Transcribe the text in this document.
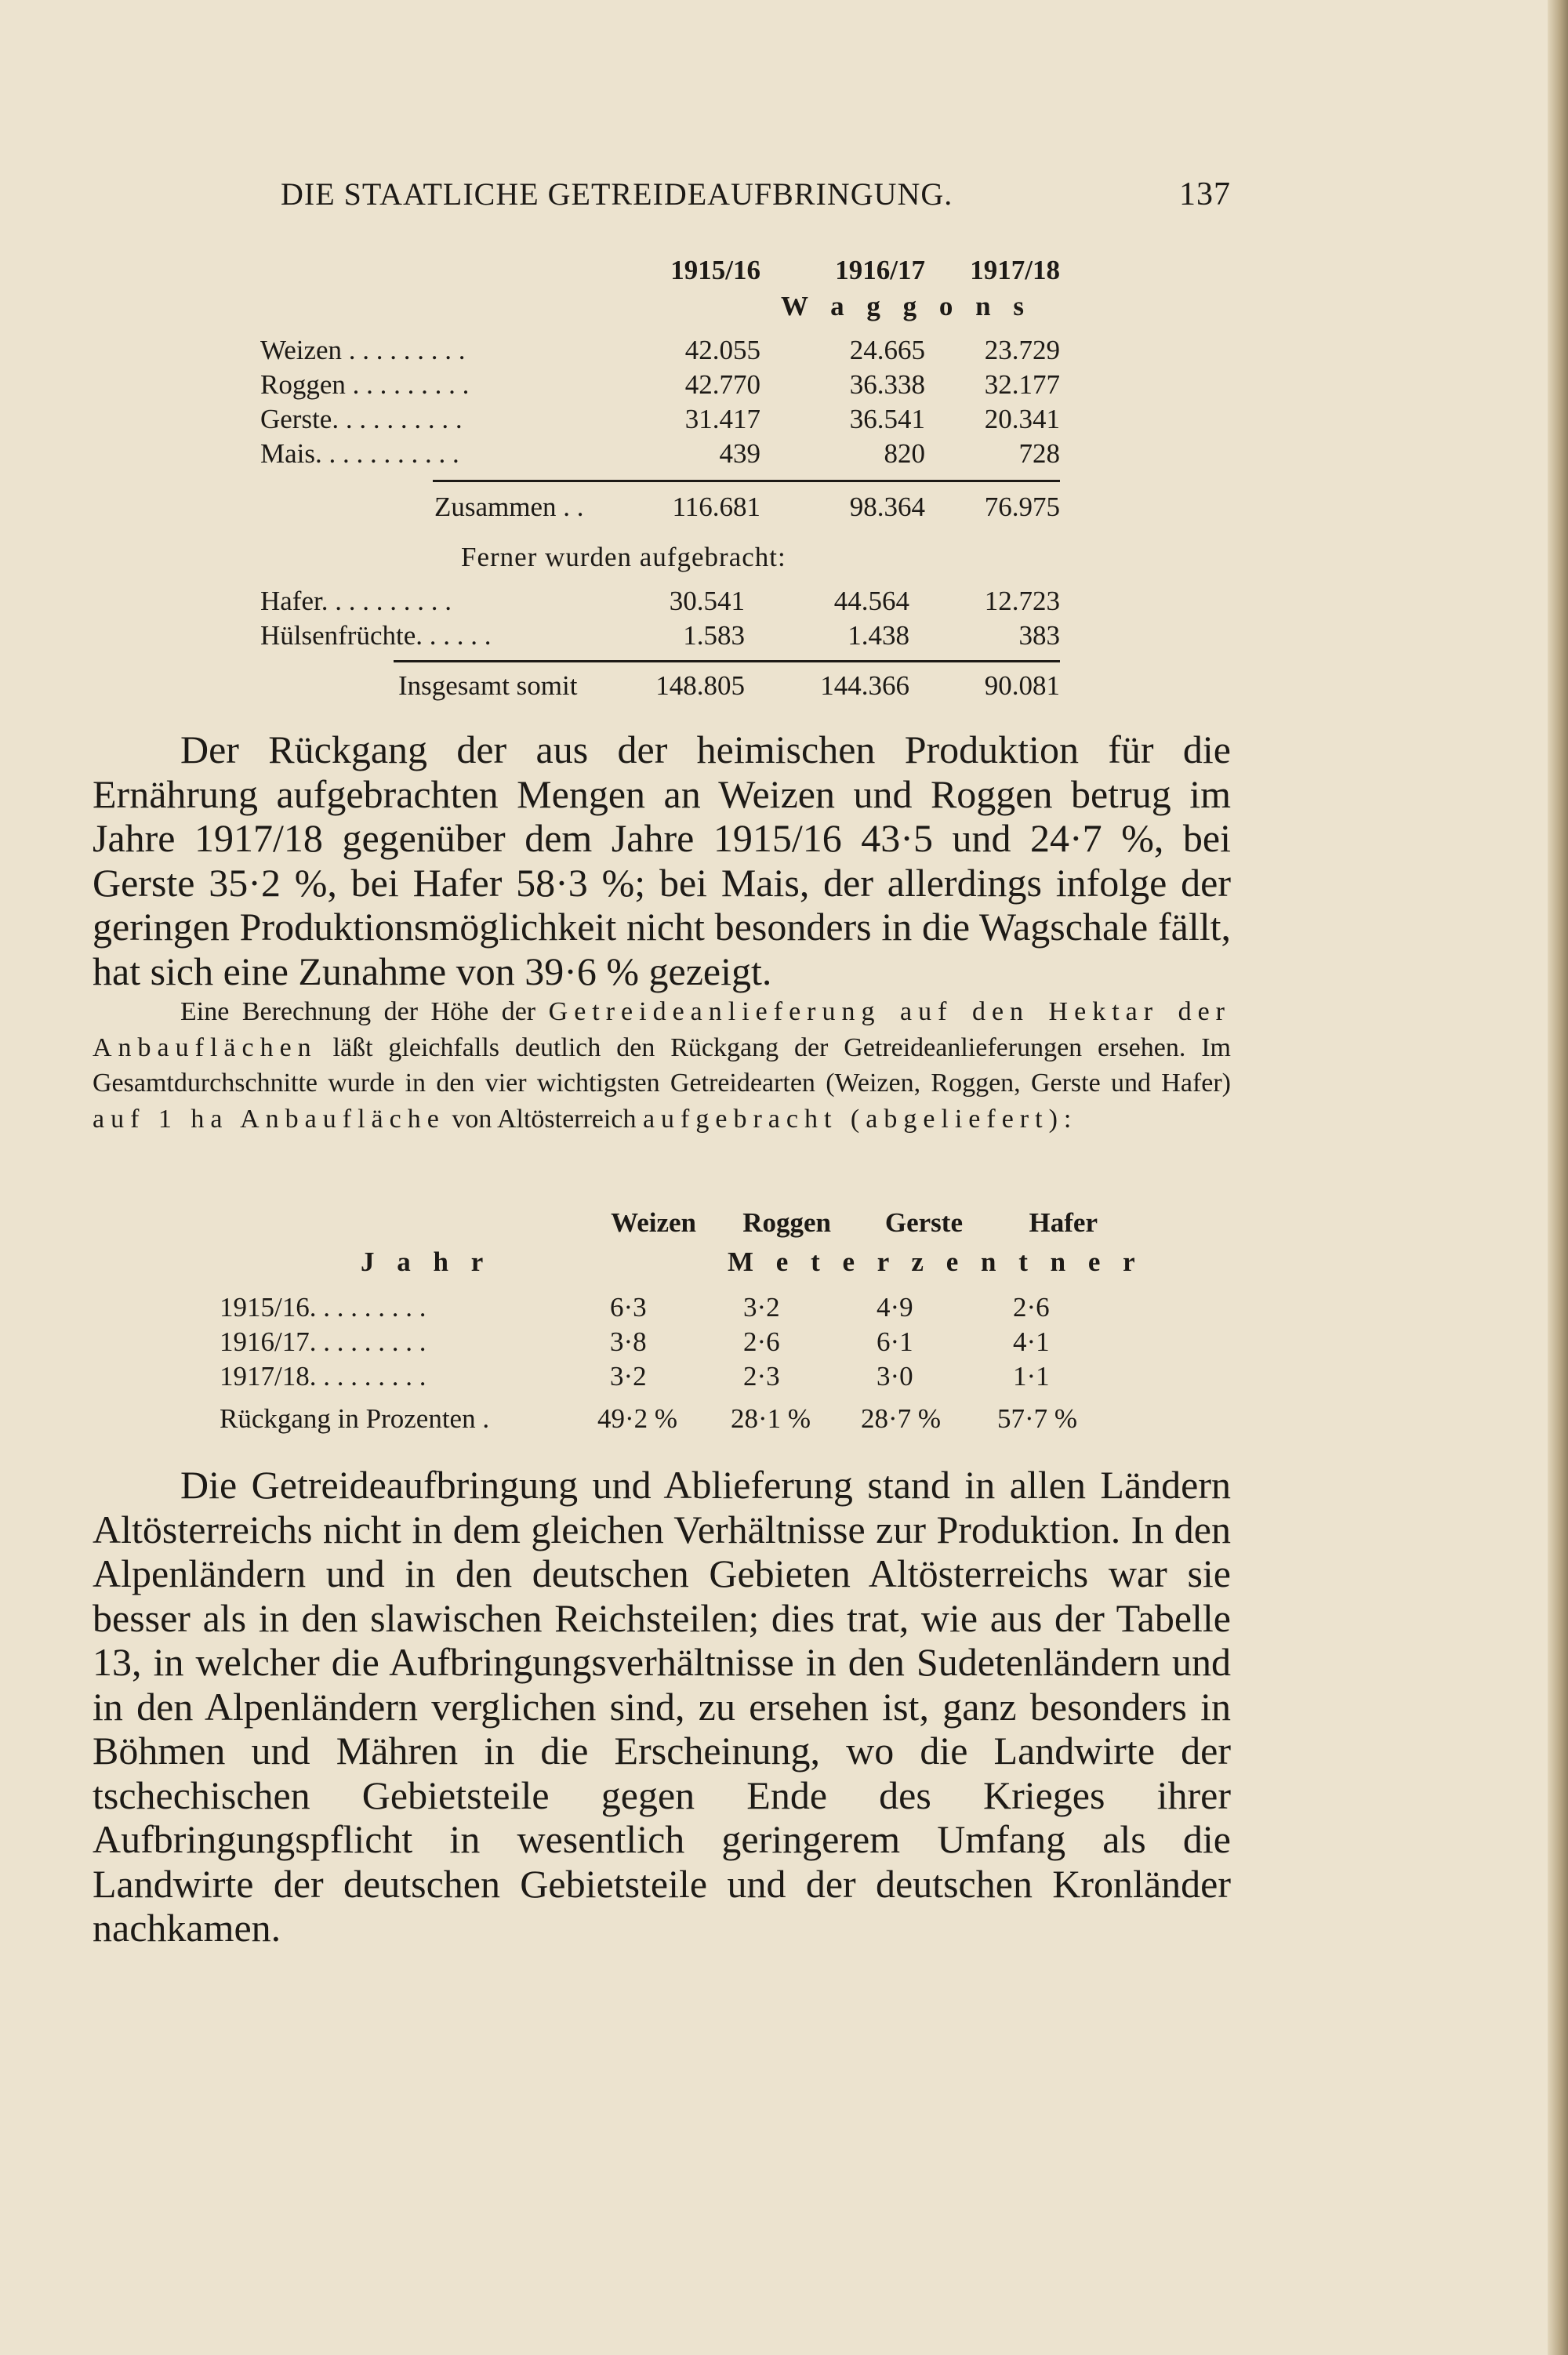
DIE STAATLICHE GETREIDEAUFBRINGUNG.	137
1915/16	1916/17	1917/18
W a g g o n s
Weizen . . . . . . . . .	42.055	24.665	23.729
Roggen . . . . . . . . .	42.770	36.338	32.177
Gerste. . . . . . . . . .	31.417	36.541	20.341
Mais. . . . . . . . . . .	439	820	728
Zusammen . .	116.681	98.364	76.975
Ferner wurden aufgebracht:
Hafer. . . . . . . . . .	30.541	44.564	12.723
Hülsenfrüchte. . . . . .	1.583	1.438	383
Insgesamt somit	148.805	144.366	90.081
Der Rückgang der aus der heimischen Produktion für die Ernährung aufgebrachten Mengen an Weizen und Roggen betrug im Jahre 1917/18 gegenüber dem Jahre 1915/16 43·5 und 24·7 %, bei Gerste 35·2 %, bei Hafer 58·3 %; bei Mais, der allerdings infolge der geringen Produktionsmöglichkeit nicht besonders in die Wagschale fällt, hat sich eine Zunahme von 39·6 % gezeigt.
Eine Berechnung der Höhe der Getreideanlieferung auf den Hektar der Anbauflächen läßt gleichfalls deutlich den Rückgang der Getreideanlieferungen ersehen. Im Gesamtdurchschnitte wurde in den vier wichtigsten Getreidearten (Weizen, Roggen, Gerste und Hafer) auf 1 ha Anbaufläche von Altösterreich aufgebracht (abgeliefert):
Weizen	Roggen	Gerste	Hafer
J a h r	M e t e r z e n t n e r
1915/16. . . . . . . . .	6·3	3·2	4·9	2·6
1916/17. . . . . . . . .	3·8	2·6	6·1	4·1
1917/18. . . . . . . . .	3·2	2·3	3·0	1·1
Rückgang in Prozenten .	49·2 % 28·1 % 28·7 % 57·7 %
Die Getreideaufbringung und Ablieferung stand in allen Ländern Altösterreichs nicht in dem gleichen Verhältnisse zur Produktion. In den Alpenländern und in den deutschen Gebieten Altösterreichs war sie besser als in den slawischen Reichsteilen; dies trat, wie aus der Tabelle 13, in welcher die Aufbringungsverhältnisse in den Sudetenländern und in den Alpenländern verglichen sind, zu ersehen ist, ganz besonders in Böhmen und Mähren in die Erscheinung, wo die Landwirte der tschechischen Gebietsteile gegen Ende des Krieges ihrer Aufbringungspflicht in wesentlich geringerem Umfang als die Landwirte der deutschen Gebietsteile und der deutschen Kronländer nachkamen.
